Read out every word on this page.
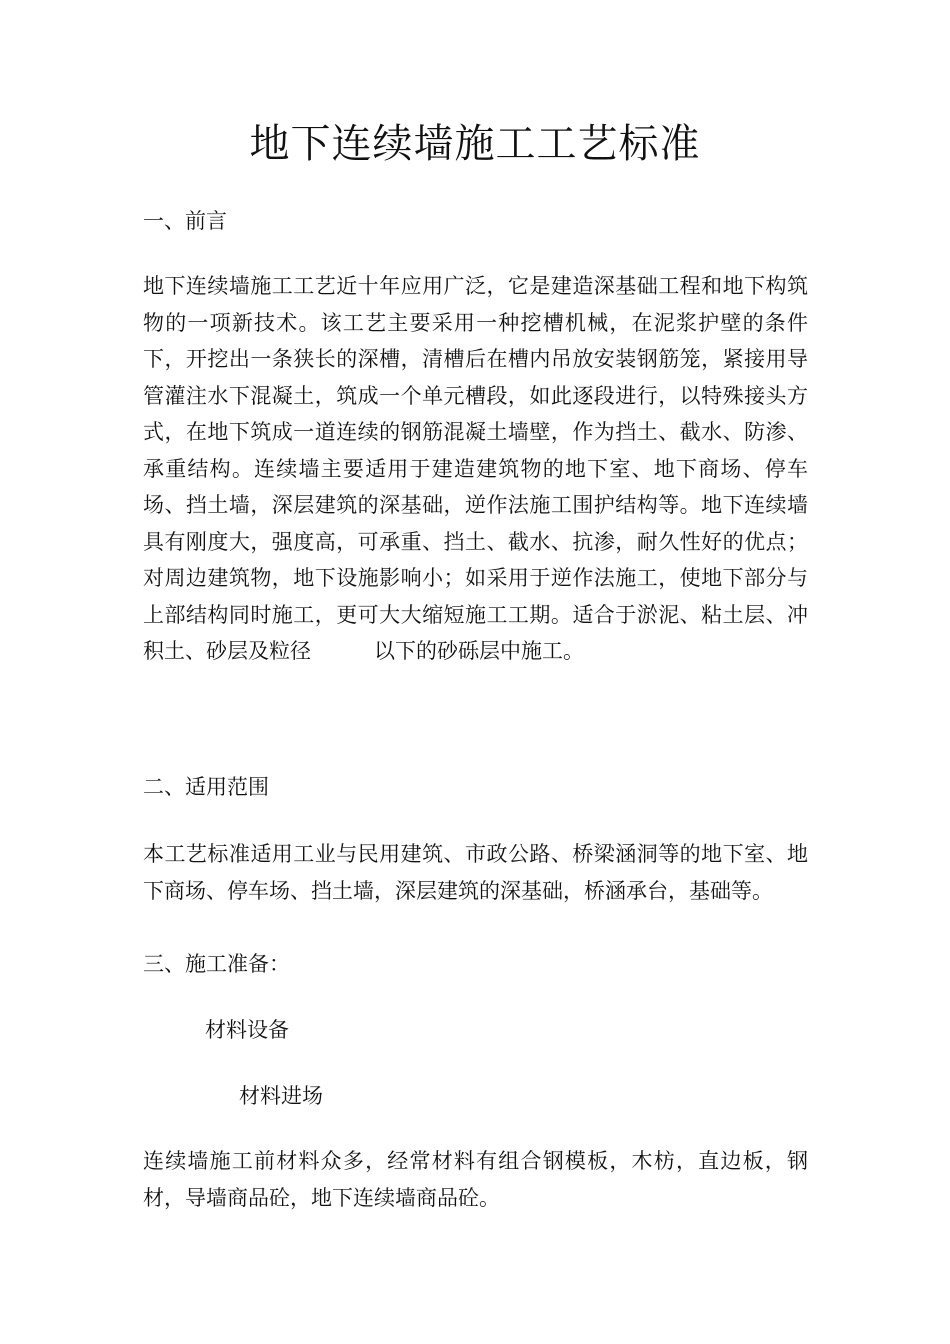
地下连续墙施工工艺标准

一、前言

地下连续墙施工工艺近十年应用广泛，它是建造深基础工程和地下构筑物的一项新技术。该工艺主要采用一种挖槽机械，在泥浆护壁的条件下，开挖出一条狭长的深槽，清槽后在槽内吊放安装钢筋笼，紧接用导管灌注水下混凝土，筑成一个单元槽段，如此逐段进行，以特殊接头方式，在地下筑成一道连续的钢筋混凝土墙壁，作为挡土、截水、防渗、承重结构。连续墙主要适用于建造建筑物的地下室、地下商场、停车场、挡土墙，深层建筑的深基础，逆作法施工围护结构等。地下连续墙具有刚度大，强度高，可承重、挡土、截水、抗渗，耐久性好的优点；对周边建筑物，地下设施影响小；如采用于逆作法施工，使地下部分与上部结构同时施工，更可大大缩短施工工期。适合于淤泥、粘土层、冲积土、砂层及粒径　　　以下的砂砾层中施工。

二、适用范围

本工艺标准适用工业与民用建筑、市政公路、桥梁涵洞等的地下室、地下商场、停车场、挡土墙，深层建筑的深基础，桥涵承台，基础等。

三、施工准备：

材料设备

材料进场

连续墙施工前材料众多，经常材料有组合钢模板，木枋，直边板，钢材，导墙商品砼，地下连续墙商品砼。
